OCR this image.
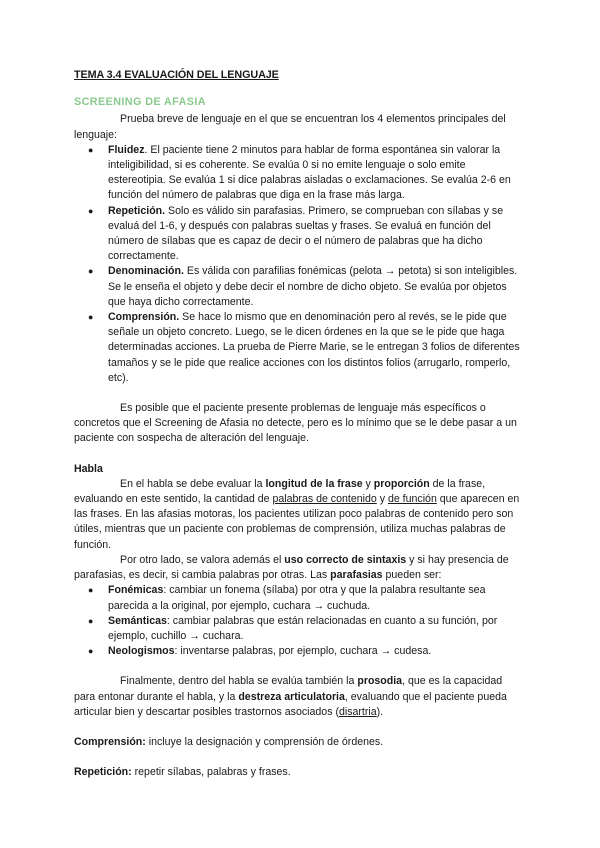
TEMA 3.4 EVALUACIÓN DEL LENGUAJE

SCREENING DE AFASIA

Prueba breve de lenguaje en el que se encuentran los 4 elementos principales del lenguaje:

● Fluidez. El paciente tiene 2 minutos para hablar de forma espontánea sin valorar la inteligibilidad, si es coherente. Se evalúa 0 si no emite lenguaje o solo emite estereotipia. Se evalúa 1 si dice palabras aisladas o exclamaciones. Se evalúa 2-6 en función del número de palabras que diga en la frase más larga.
● Repetición. Solo es válido sin parafasias. Primero, se comprueban con sílabas y se evaluá del 1-6, y después con palabras sueltas y frases. Se evaluá en función del número de sílabas que es capaz de decir o el número de palabras que ha dicho correctamente.
● Denominación. Es válida con parafilias fonémicas (pelota → petota) si son inteligibles. Se le enseña el objeto y debe decir el nombre de dicho objeto. Se evalúa por objetos que haya dicho correctamente.
● Comprensión. Se hace lo mismo que en denominación pero al revés, se le pide que señale un objeto concreto. Luego, se le dicen órdenes en la que se le pide que haga determinadas acciones. La prueba de Pierre Marie, se le entregan 3 folios de diferentes tamaños y se le pide que realice acciones con los distintos folios (arrugarlo, romperlo, etc).

Es posible que el paciente presente problemas de lenguaje más específicos o concretos que el Screening de Afasia no detecte, pero es lo mínimo que se le debe pasar a un paciente con sospecha de alteración del lenguaje.

Habla

En el habla se debe evaluar la longitud de la frase y proporción de la frase, evaluando en este sentido, la cantidad de palabras de contenido y de función que aparecen en las frases. En las afasias motoras, los pacientes utilizan poco palabras de contenido pero son útiles, mientras que un paciente con problemas de comprensión, utiliza muchas palabras de función.

Por otro lado, se valora además el uso correcto de sintaxis y si hay presencia de parafasias, es decir, si cambia palabras por otras. Las parafasias pueden ser:

● Fonémicas: cambiar un fonema (sílaba) por otra y que la palabra resultante sea parecida a la original, por ejemplo, cuchara → cuchuda.
● Semánticas: cambiar palabras que están relacionadas en cuanto a su función, por ejemplo, cuchillo → cuchara.
● Neologismos: inventarse palabras, por ejemplo, cuchara → cudesa.

Finalmente, dentro del habla se evalúa también la prosodia, que es la capacidad para entonar durante el habla, y la destreza articulatoria, evaluando que el paciente pueda articular bien y descartar posibles trastornos asociados (disartria).

Comprensión: incluye la designación y comprensión de órdenes.

Repetición: repetir sílabas, palabras y frases.
